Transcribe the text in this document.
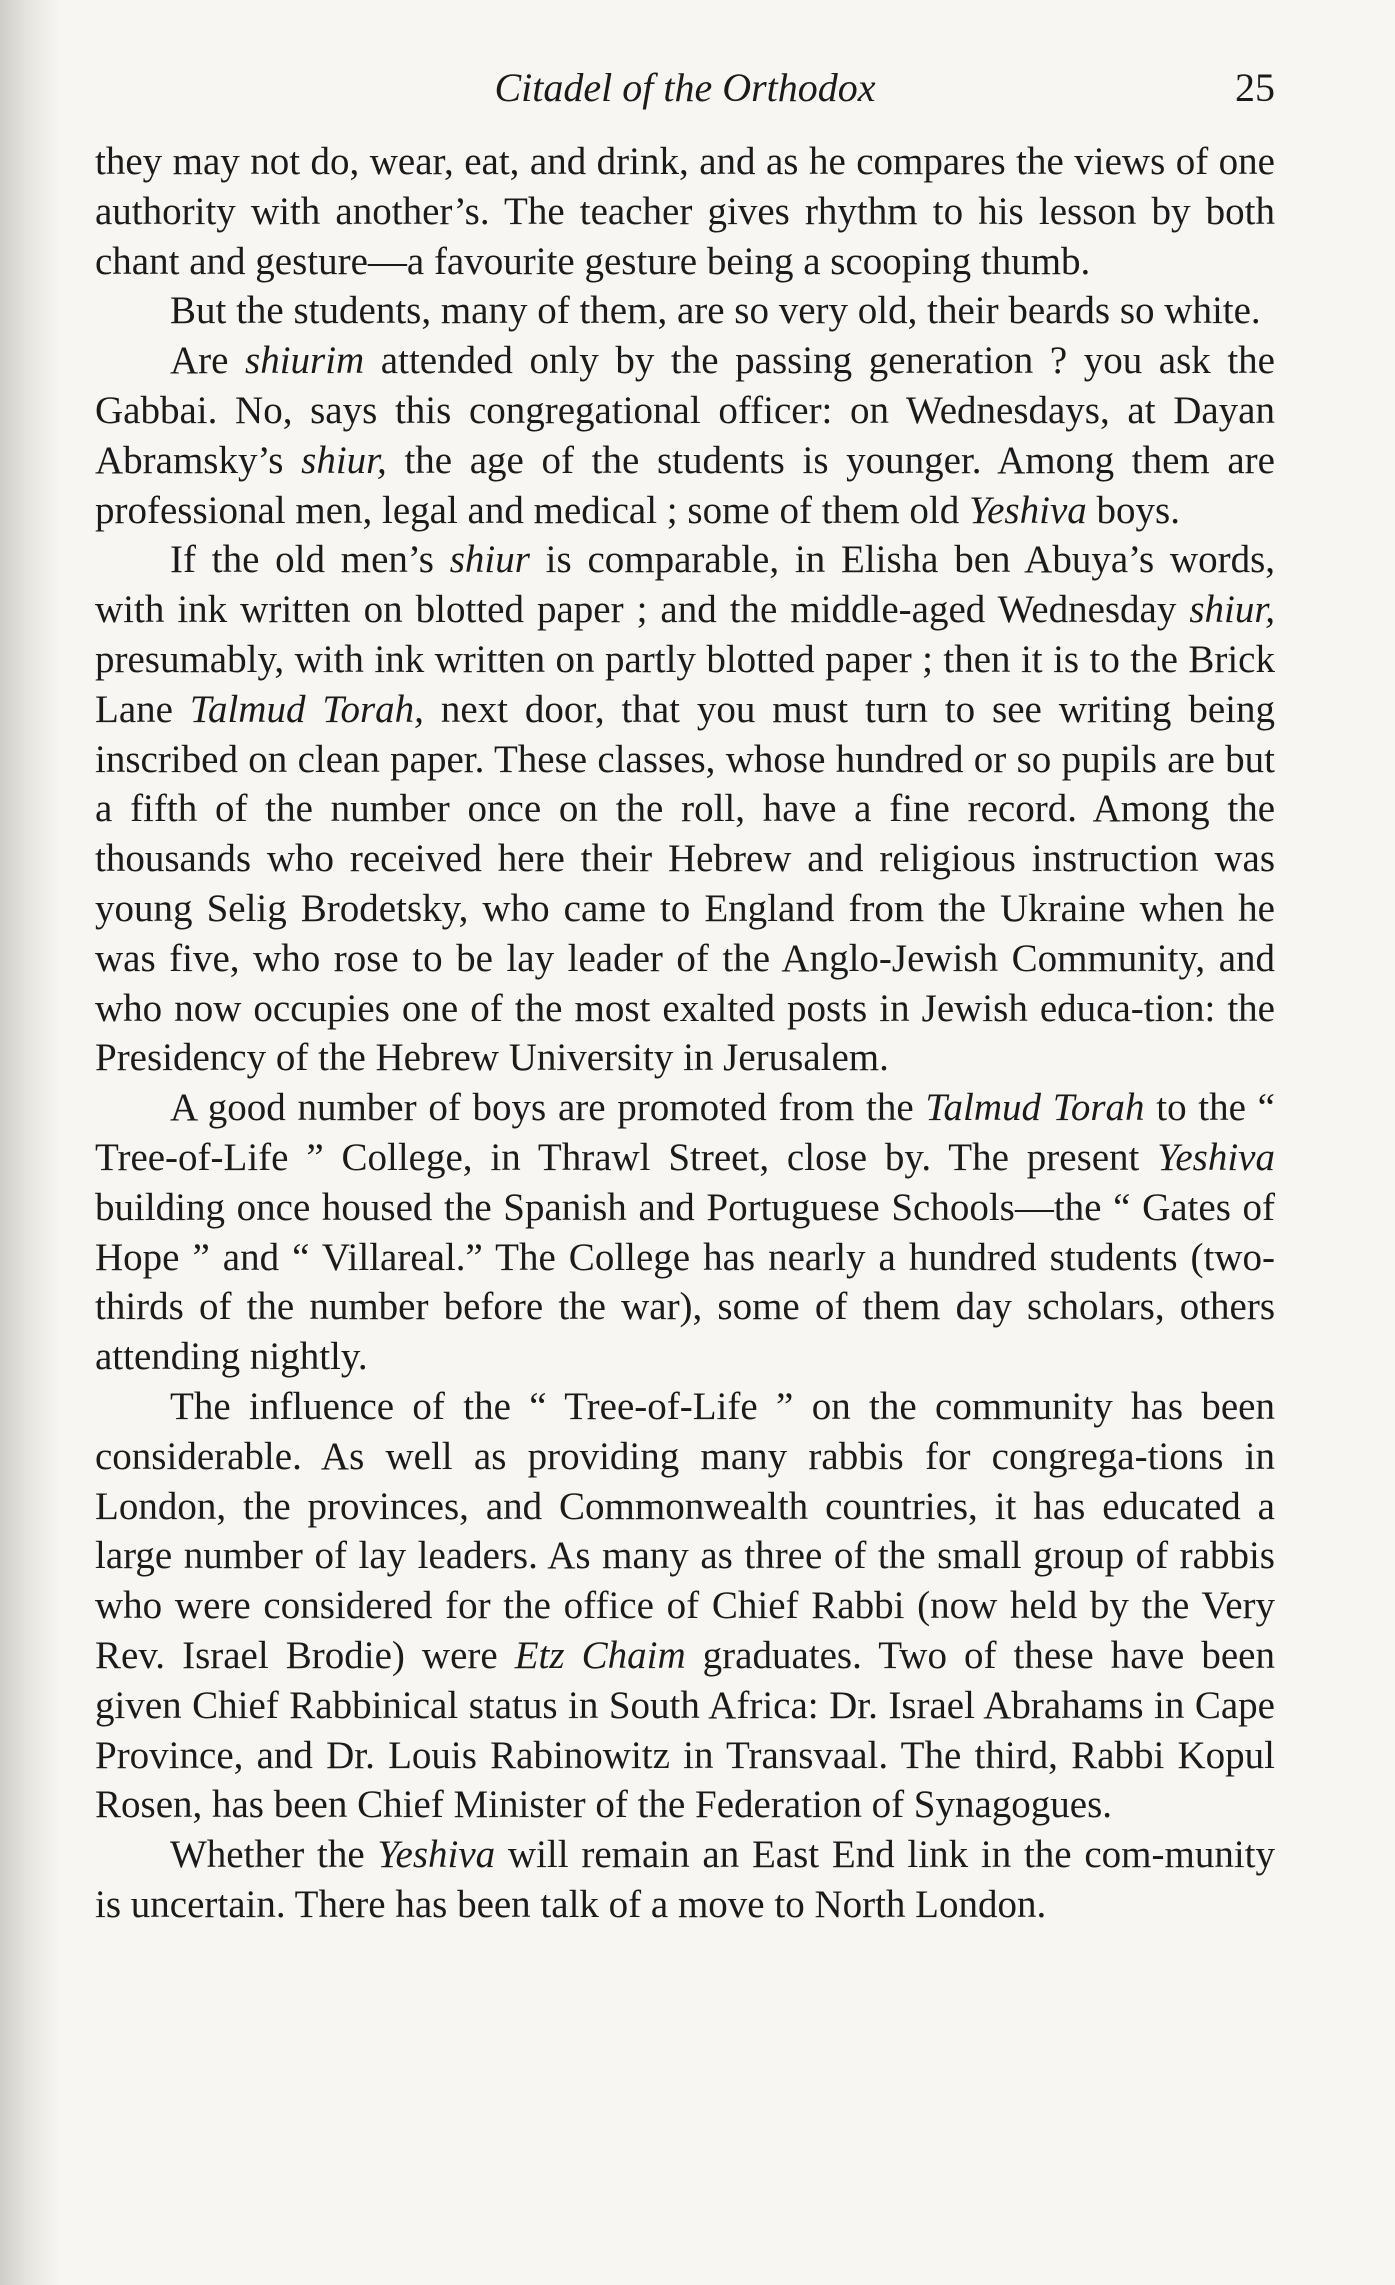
Citadel of the Orthodox	25

they may not do, wear, eat, and drink, and as he compares the views of one authority with another’s. The teacher gives rhythm to his lesson by both chant and gesture—a favourite gesture being a scooping thumb.

But the students, many of them, are so very old, their beards so white.

Are shiurim attended only by the passing generation ? you ask the Gabbai. No, says this congregational officer: on Wednesdays, at Dayan Abramsky’s shiur, the age of the students is younger. Among them are professional men, legal and medical ; some of them old Yeshiva boys.

If the old men’s shiur is comparable, in Elisha ben Abuya’s words, with ink written on blotted paper ; and the middle-aged Wednesday shiur, presumably, with ink written on partly blotted paper ; then it is to the Brick Lane Talmud Torah, next door, that you must turn to see writing being inscribed on clean paper. These classes, whose hundred or so pupils are but a fifth of the number once on the roll, have a fine record. Among the thousands who received here their Hebrew and religious instruction was young Selig Brodetsky, who came to England from the Ukraine when he was five, who rose to be lay leader of the Anglo-Jewish Community, and who now occupies one of the most exalted posts in Jewish educa-tion: the Presidency of the Hebrew University in Jerusalem.

A good number of boys are promoted from the Talmud Torah to the “ Tree-of-Life ” College, in Thrawl Street, close by. The present Yeshiva building once housed the Spanish and Portuguese Schools—the “ Gates of Hope ” and “ Villareal.” The College has nearly a hundred students (two-thirds of the number before the war), some of them day scholars, others attending nightly.

The influence of the “ Tree-of-Life ” on the community has been considerable. As well as providing many rabbis for congrega-tions in London, the provinces, and Commonwealth countries, it has educated a large number of lay leaders. As many as three of the small group of rabbis who were considered for the office of Chief Rabbi (now held by the Very Rev. Israel Brodie) were Etz Chaim graduates. Two of these have been given Chief Rabbinical status in South Africa: Dr. Israel Abrahams in Cape Province, and Dr. Louis Rabinowitz in Transvaal. The third, Rabbi Kopul Rosen, has been Chief Minister of the Federation of Synagogues.

Whether the Yeshiva will remain an East End link in the com-munity is uncertain. There has been talk of a move to North London.
